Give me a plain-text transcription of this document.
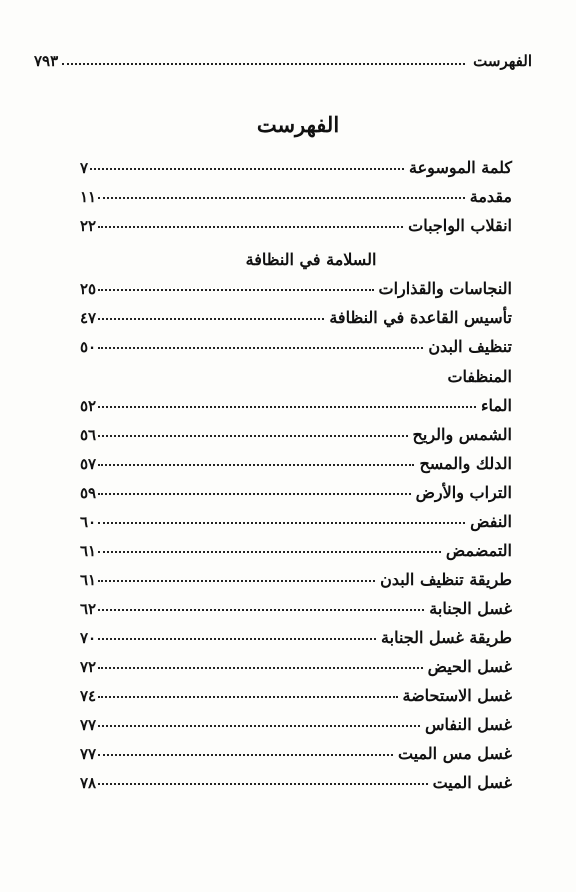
الفهرست
٧٩٣
الفهرست
كلمة الموسوعة
٧
مقدمة
١١
انقلاب الواجبات
٢٢
السلامة في النظافة
النجاسات والقذارات
٢٥
تأسيس القاعدة في النظافة
٤٧
تنظيف البدن
٥٠
المنظفات
الماء
٥٢
الشمس والريح
٥٦
الدلك والمسح
٥٧
التراب والأرض
٥٩
النفض
٦٠
التمضمض
٦١
طريقة تنظيف البدن
٦١
غسل الجنابة
٦٢
طريقة غسل الجنابة
٧٠
غسل الحيض
٧٢
غسل الاستحاضة
٧٤
غسل النفاس
٧٧
غسل مس الميت
٧٧
غسل الميت
٧٨
